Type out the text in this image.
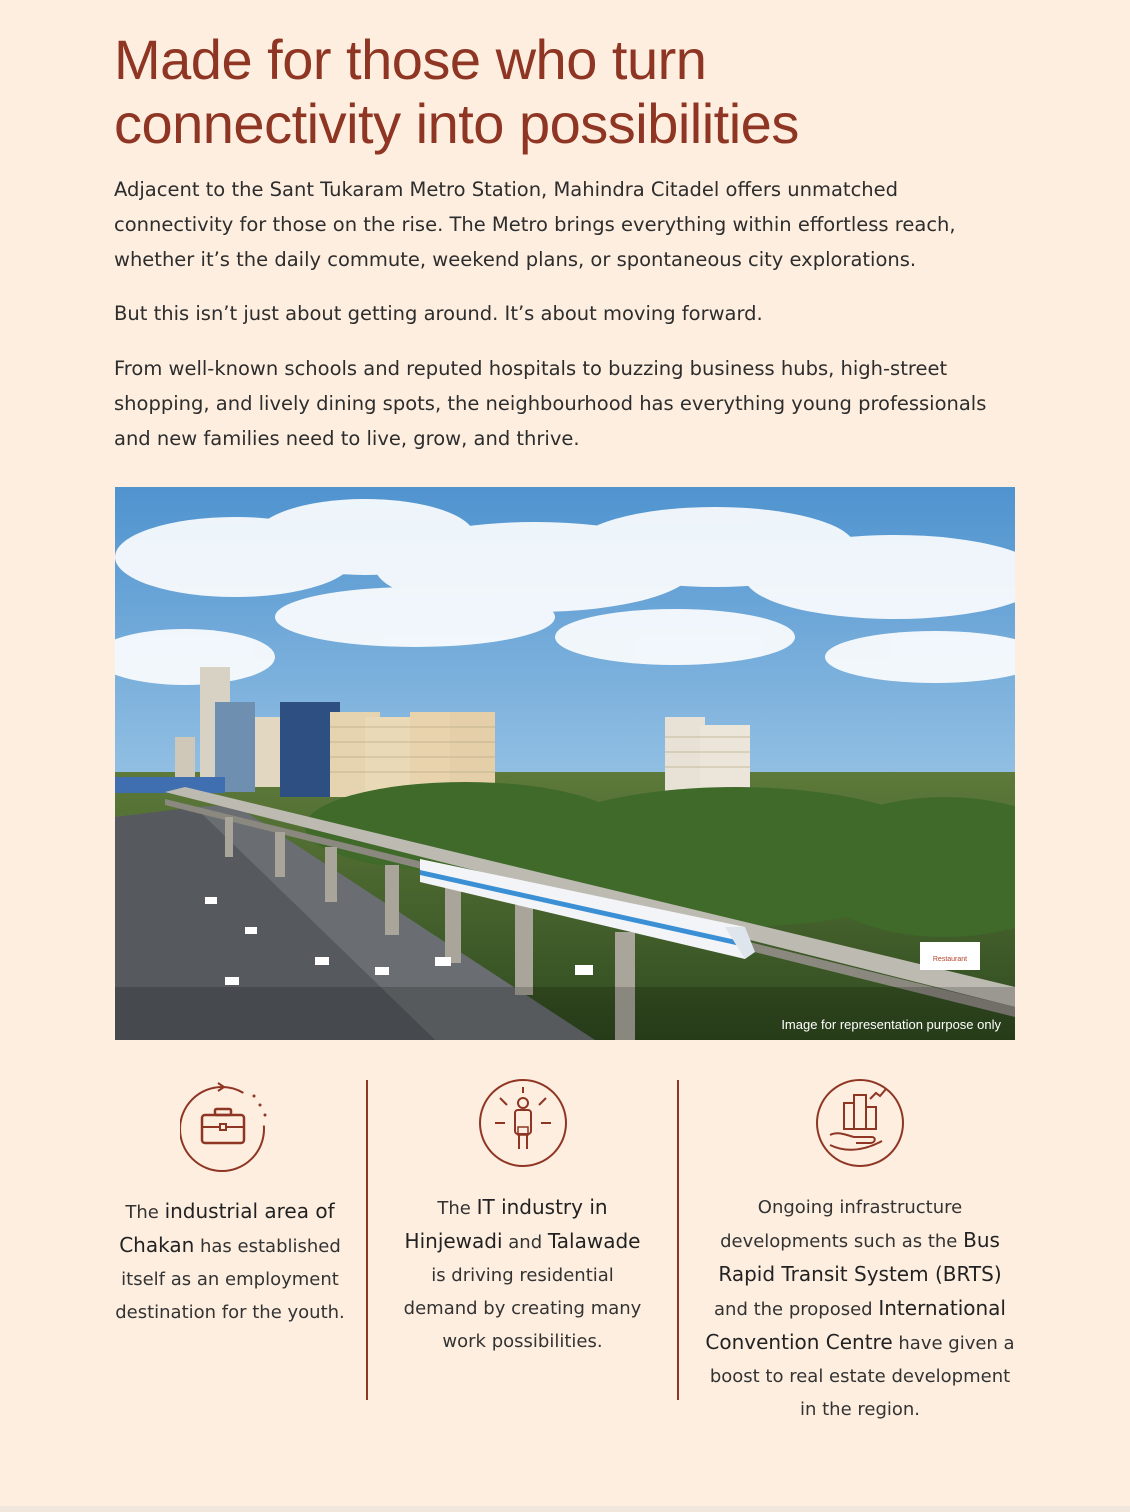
Made for those who turn
connectivity into possibilities

Adjacent to the Sant Tukaram Metro Station, Mahindra Citadel offers unmatched connectivity for those on the rise. The Metro brings everything within effortless reach, whether it’s the daily commute, weekend plans, or spontaneous city explorations.

But this isn’t just about getting around. It’s about moving forward.

From well-known schools and reputed hospitals to buzzing business hubs, high-street shopping, and lively dining spots, the neighbourhood has everything young professionals and new families need to live, grow, and thrive.

Restaurant
Image for representation purpose only
The industrial area of Chakan has established itself as an employment destination for the youth.
The IT industry in Hinjewadi and Talawade is driving residential demand by creating many work possibilities.
Ongoing infrastructure developments such as the Bus Rapid Transit System (BRTS) and the proposed International Convention Centre have given a boost to real estate development in the region.
